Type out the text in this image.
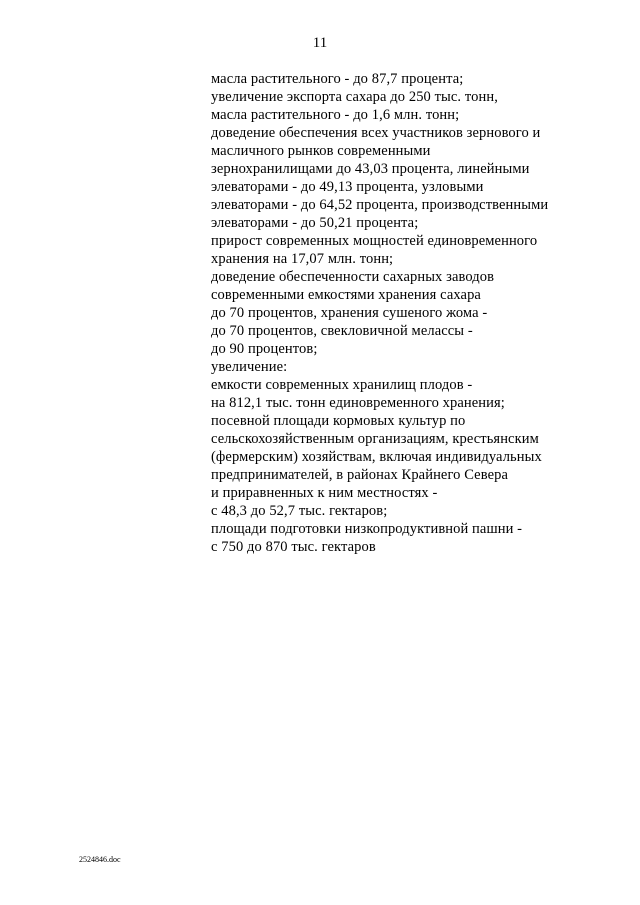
11
масла растительного - до 87,7 процента;
увеличение экспорта сахара до 250 тыс. тонн,
масла растительного - до 1,6 млн. тонн;
доведение обеспечения всех участников зернового и
масличного рынков современными
зернохранилищами до 43,03 процента, линейными
элеваторами - до 49,13 процента, узловыми
элеваторами - до 64,52 процента, производственными
элеваторами - до 50,21 процента;
прирост современных мощностей единовременного
хранения на 17,07 млн. тонн;
доведение обеспеченности сахарных заводов
современными емкостями хранения сахара
до 70 процентов, хранения сушеного жома -
до 70 процентов, свекловичной мелассы -
до 90 процентов;
увеличение:
емкости современных хранилищ плодов -
на 812,1 тыс. тонн единовременного хранения;
посевной площади кормовых культур по
сельскохозяйственным организациям, крестьянским
(фермерским) хозяйствам, включая индивидуальных
предпринимателей, в районах Крайнего Севера
и приравненных к ним местностях -
с 48,3 до 52,7 тыс. гектаров;
площади подготовки низкопродуктивной пашни -
с 750 до 870 тыс. гектаров
2524846.doc
